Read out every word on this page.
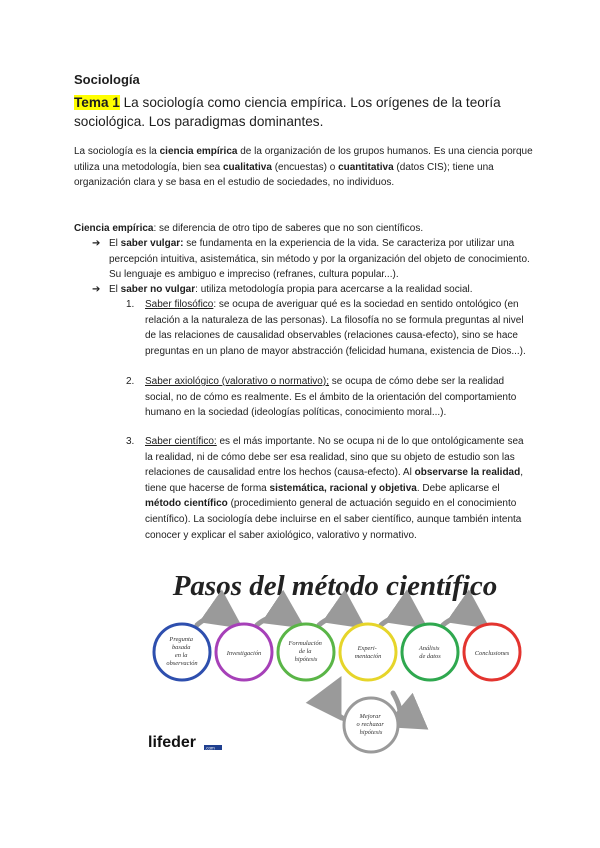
Sociología
Tema 1 La sociología como ciencia empírica. Los orígenes de la teoría sociológica. Los paradigmas dominantes.
La sociología es la ciencia empírica de la organización de los grupos humanos. Es una ciencia porque utiliza una metodología, bien sea cualitativa (encuestas) o cuantitativa (datos CIS); tiene una organización clara y se basa en el estudio de sociedades, no individuos.
Ciencia empírica: se diferencia de otro tipo de saberes que no son científicos.
➔ El saber vulgar: se fundamenta en la experiencia de la vida. Se caracteriza por utilizar una percepción intuitiva, asistemática, sin método y por la organización del objeto de conocimiento. Su lenguaje es ambiguo e impreciso (refranes, cultura popular...).
➔ El saber no vulgar: utiliza metodología propia para acercarse a la realidad social.
1. Saber filosófico: se ocupa de averiguar qué es la sociedad en sentido ontológico (en relación a la naturaleza de las personas). La filosofía no se formula preguntas al nivel de las relaciones de causalidad observables (relaciones causa-efecto), sino se hace preguntas en un plano de mayor abstracción (felicidad humana, existencia de Dios...).
2. Saber axiológico (valorativo o normativo); se ocupa de cómo debe ser la realidad social, no de cómo es realmente. Es el ámbito de la orientación del comportamiento humano en la sociedad (ideologías políticas, conocimiento moral...).
3. Saber científico: es el más importante. No se ocupa ni de lo que ontológicamente sea la realidad, ni de cómo debe ser esa realidad, sino que su objeto de estudio son las relaciones de causalidad entre los hechos (causa-efecto). Al observarse la realidad, tiene que hacerse de forma sistemática, racional y objetiva. Debe aplicarse el método científico (procedimiento general de actuación seguido en el conocimiento científico). La sociología debe incluirse en el saber científico, aunque también intenta conocer y explicar el saber axiológico, valorativo y normativo.
Pasos del método científico
Pregunta basada en la observación
Investigación
Formulación de la hipótesis
Experi- mentación
Análisis de datos	Conclusiones
Mejorar o rechazar hipótesis
lifeder .com
